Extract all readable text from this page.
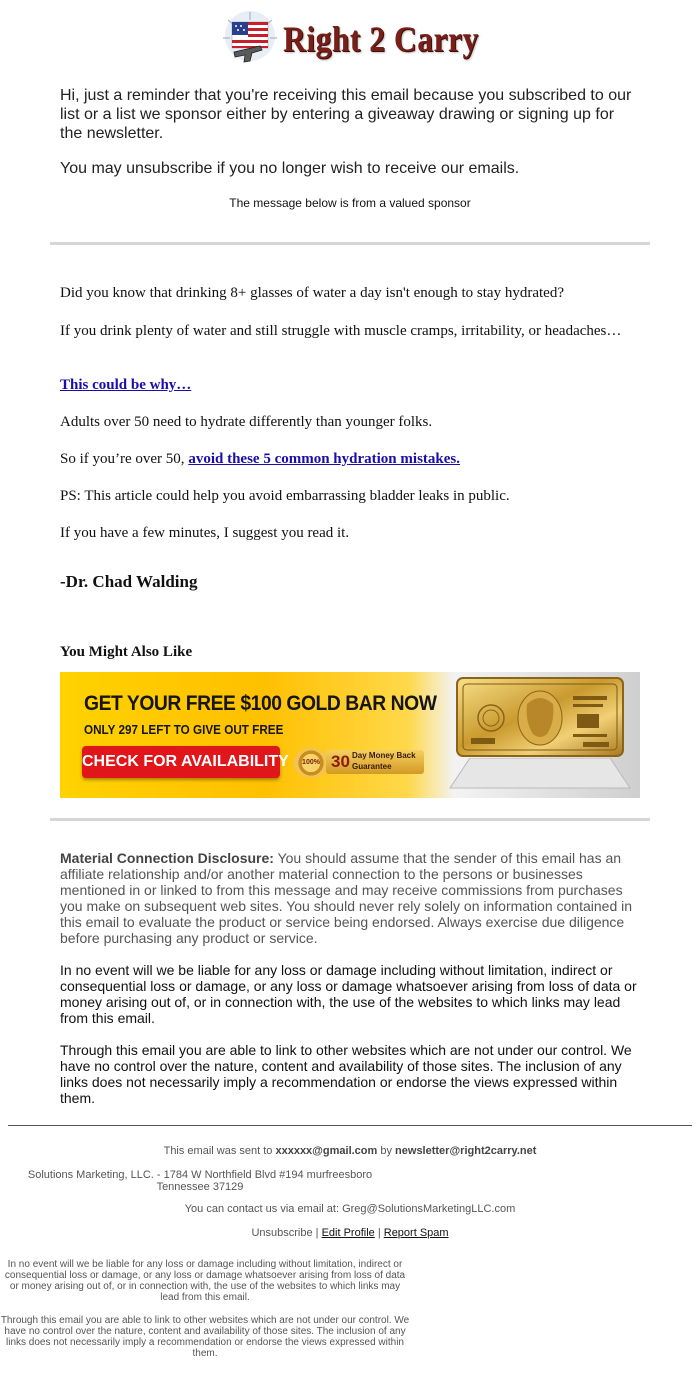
Right 2 Carry

Hi, just a reminder that you're receiving this email because you subscribed to our list or a list we sponsor either by entering a giveaway drawing or signing up for the newsletter.

You may unsubscribe if you no longer wish to receive our emails.

The message below is from a valued sponsor

Did you know that drinking 8+ glasses of water a day isn't enough to stay hydrated?

If you drink plenty of water and still struggle with muscle cramps, irritability, or headaches…

This could be why…

Adults over 50 need to hydrate differently than younger folks.

So if you’re over 50, avoid these 5 common hydration mistakes.

PS: This article could help you avoid embarrassing bladder leaks in public.

If you have a few minutes, I suggest you read it.

-Dr. Chad Walding

You Might Also Like

GET YOUR FREE $100 GOLD BAR NOW
ONLY 297 LEFT TO GIVE OUT FREE
CHECK FOR AVAILABILITY	100% 30 Day Money Back
Guarantee

Material Connection Disclosure: You should assume that the sender of this email has an affiliate relationship and/or another material connection to the persons or businesses mentioned in or linked to from this message and may receive commissions from purchases you make on subsequent web sites. You should never rely solely on information contained in this email to evaluate the product or service being endorsed. Always exercise due diligence before purchasing any product or service.

In no event will we be liable for any loss or damage including without limitation, indirect or consequential loss or damage, or any loss or damage whatsoever arising from loss of data or money arising out of, or in connection with, the use of the websites to which links may lead from this email.

Through this email you are able to link to other websites which are not under our control. We have no control over the nature, content and availability of those sites. The inclusion of any links does not necessarily imply a recommendation or endorse the views expressed within them.

This email was sent to xxxxxx@gmail.com by newsletter@right2carry.net

Solutions Marketing, LLC. - 1784 W Northfield Blvd #194 murfreesboro Tennessee 37129

You can contact us via email at: Greg@SolutionsMarketingLLC.com

Unsubscribe | Edit Profile | Report Spam

In no event will we be liable for any loss or damage including without limitation, indirect or consequential loss or damage, or any loss or damage whatsoever arising from loss of data or money arising out of, or in connection with, the use of the websites to which links may lead from this email.

Through this email you are able to link to other websites which are not under our control. We have no control over the nature, content and availability of those sites. The inclusion of any links does not necessarily imply a recommendation or endorse the views expressed within them.
